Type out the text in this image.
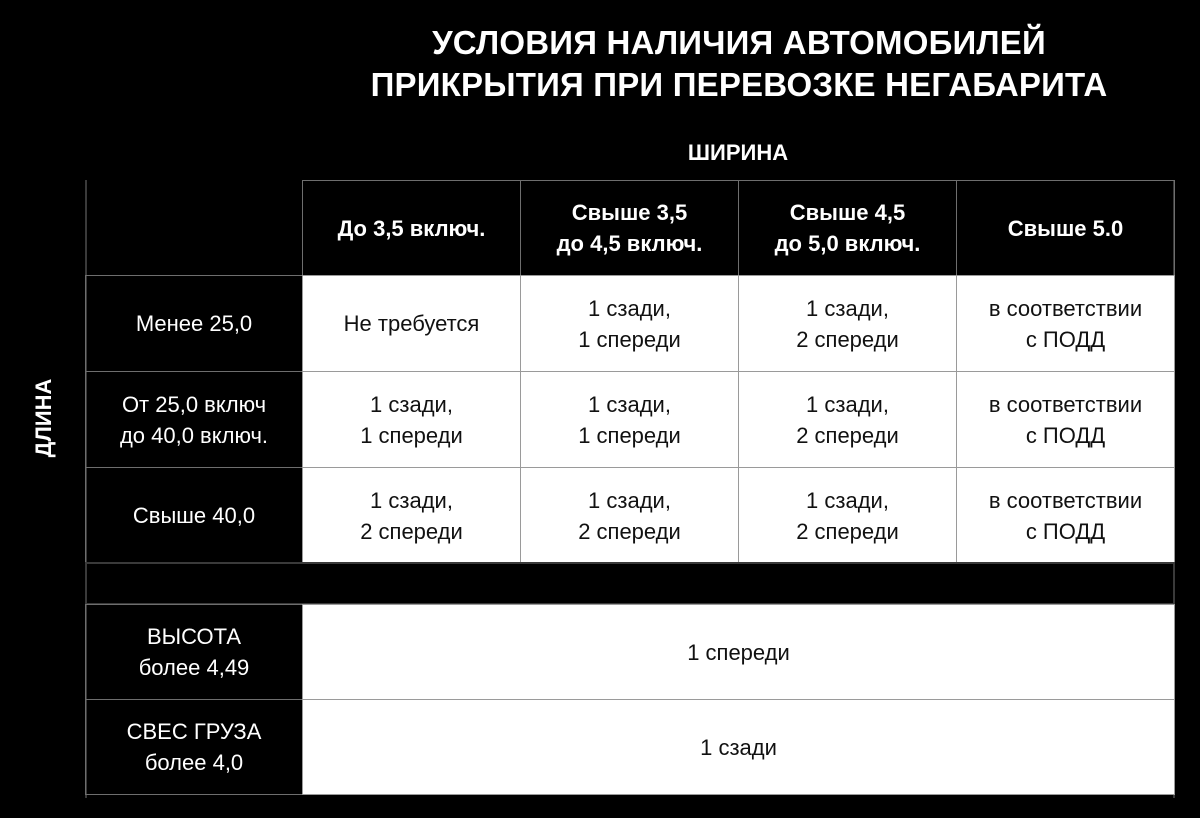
УСЛОВИЯ НАЛИЧИЯ АВТОМОБИЛЕЙ
ПРИКРЫТИЯ ПРИ ПЕРЕВОЗКЕ НЕГАБАРИТА
ШИРИНА
ДЛИНА
До 3,5 включ.
Свыше 3,5
до 4,5 включ.
Свыше 4,5
до 5,0 включ.
Свыше 5.0
Менее 25,0	Не требуется
1 сзади,
1 спереди
1 сзади,
2 спереди
в соответствии
с ПОДД
От 25,0 включ
до 40,0 включ.
1 сзади,
1 спереди
1 сзади,
1 спереди
1 сзади,
2 спереди
в соответствии
с ПОДД
Свыше 40,0
1 сзади,
2 спереди
1 сзади,
2 спереди
1 сзади,
2 спереди
в соответствии
с ПОДД
ВЫСОТА
более 4,49
1 спереди
СВЕС ГРУЗА
более 4,0
1 сзади
